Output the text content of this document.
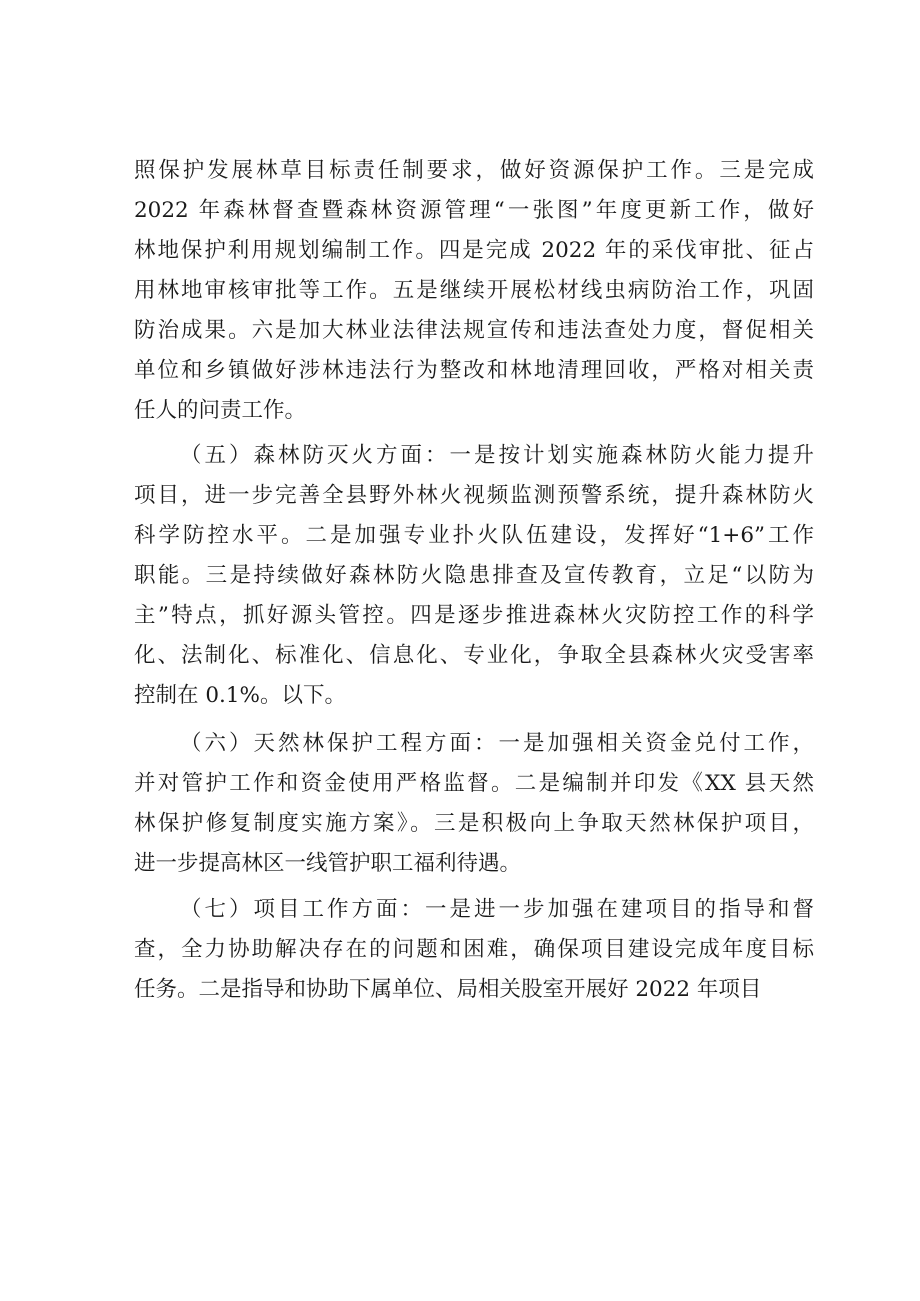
照保护发展林草目标责任制要求，做好资源保护工作。三是完成
2022 年森林督查暨森林资源管理“一张图”年度更新工作，做好
林地保护利用规划编制工作。四是完成 2022 年的采伐审批、征占
用林地审核审批等工作。五是继续开展松材线虫病防治工作，巩固
防治成果。六是加大林业法律法规宣传和违法查处力度，督促相关
单位和乡镇做好涉林违法行为整改和林地清理回收，严格对相关责
任人的问责工作。
（五）森林防灭火方面：一是按计划实施森林防火能力提升
项目，进一步完善全县野外林火视频监测预警系统，提升森林防火
科学防控水平。二是加强专业扑火队伍建设，发挥好“1+6”工作
职能。三是持续做好森林防火隐患排查及宣传教育，立足“以防为
主”特点，抓好源头管控。四是逐步推进森林火灾防控工作的科学
化、法制化、标准化、信息化、专业化，争取全县森林火灾受害率
控制在 0.1%。以下。
（六）天然林保护工程方面：一是加强相关资金兑付工作，
并对管护工作和资金使用严格监督。二是编制并印发《XX 县天然
林保护修复制度实施方案》。三是积极向上争取天然林保护项目，
进一步提高林区一线管护职工福利待遇。
（七）项目工作方面：一是进一步加强在建项目的指导和督
查，全力协助解决存在的问题和困难，确保项目建设完成年度目标
任务。二是指导和协助下属单位、局相关股室开展好 2022 年项目
